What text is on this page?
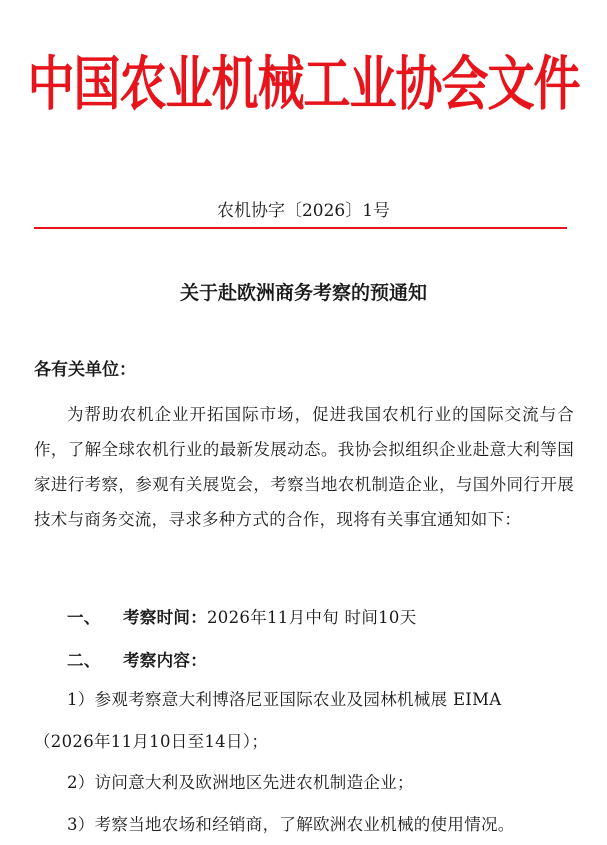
中国农业机械工业协会文件
农机协字〔2026〕1号
关于赴欧洲商务考察的预通知
各有关单位：
为帮助农机企业开拓国际市场，促进我国农机行业的国际交流与合作，了解全球农机行业的最新发展动态。我协会拟组织企业赴意大利等国家进行考察，参观有关展览会，考察当地农机制造企业，与国外同行开展技术与商务交流，寻求多种方式的合作，现将有关事宜通知如下：
一、 考察时间：2026年11月中旬 时间10天
二、 考察内容：
1）参观考察意大利博洛尼亚国际农业及园林机械展 EIMA
（2026年11月10日至14日）；
2）访问意大利及欧洲地区先进农机制造企业；
3）考察当地农场和经销商，了解欧洲农业机械的使用情况。
